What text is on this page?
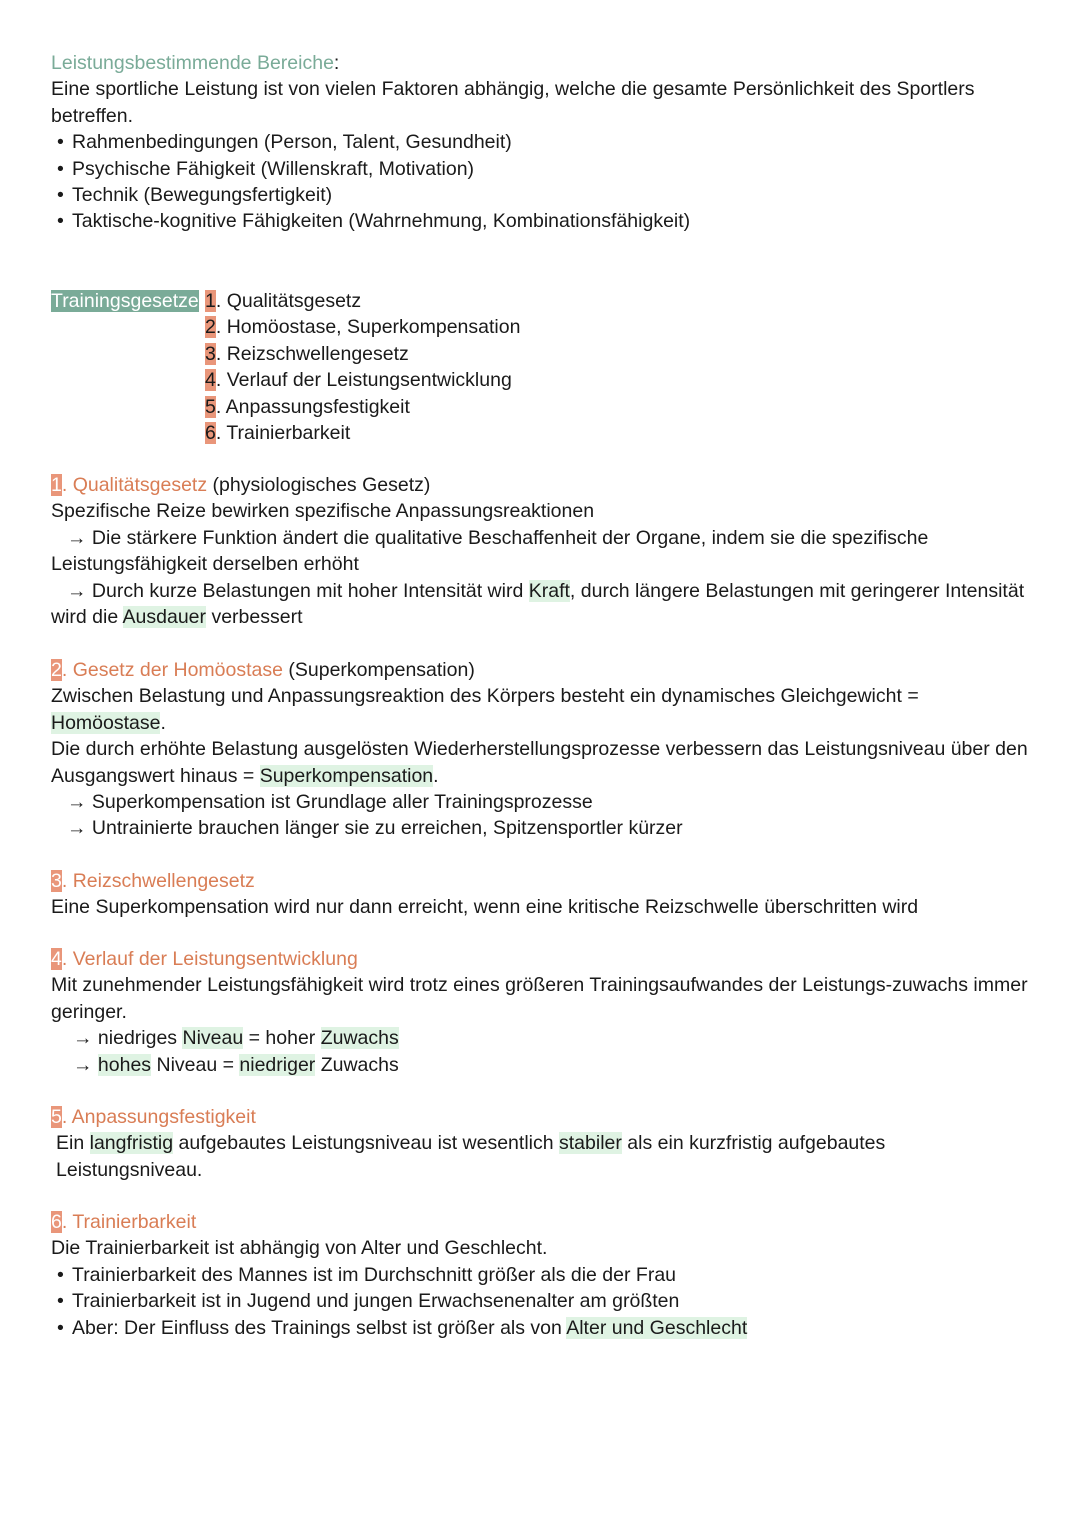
Leistungsbestimmende Bereiche:
Eine sportliche Leistung ist von vielen Faktoren abhängig, welche die gesamte Persönlichkeit des Sportlers betreffen.
• Rahmenbedingungen (Person, Talent, Gesundheit)
• Psychische Fähigkeit (Willenskraft, Motivation)
• Technik (Bewegungsfertigkeit)
• Taktische-kognitive Fähigkeiten (Wahrnehmung, Kombinationsfähigkeit)
Trainingsgesetze 1. Qualitätsgesetz
2. Homöostase, Superkompensation
3. Reizschwellengesetz
4. Verlauf der Leistungsentwicklung
5. Anpassungsfestigkeit
6. Trainierbarkeit
1. Qualitätsgesetz (physiologisches Gesetz)
Spezifische Reize bewirken spezifische Anpassungsreaktionen
→ Die stärkere Funktion ändert die qualitative Beschaffenheit der Organe, indem sie die spezifische Leistungsfähigkeit derselben erhöht
→ Durch kurze Belastungen mit hoher Intensität wird Kraft, durch längere Belastungen mit geringerer Intensität wird die Ausdauer verbessert
2. Gesetz der Homöostase (Superkompensation)
Zwischen Belastung und Anpassungsreaktion des Körpers besteht ein dynamisches Gleichgewicht = Homöostase.
Die durch erhöhte Belastung ausgelösten Wiederherstellungsprozesse verbessern das Leistungsniveau über den Ausgangswert hinaus = Superkompensation.
→ Superkompensation ist Grundlage aller Trainingsprozesse
→ Untrainierte brauchen länger sie zu erreichen, Spitzensportler kürzer
3. Reizschwellengesetz
Eine Superkompensation wird nur dann erreicht, wenn eine kritische Reizschwelle überschritten wird
4. Verlauf der Leistungsentwicklung
Mit zunehmender Leistungsfähigkeit wird trotz eines größeren Trainingsaufwandes der Leistungs-zuwachs immer geringer.
→ niedriges Niveau = hoher Zuwachs
→ hohes Niveau = niedriger Zuwachs
5. Anpassungsfestigkeit
Ein langfristig aufgebautes Leistungsniveau ist wesentlich stabiler als ein kurzfristig aufgebautes Leistungsniveau.
6. Trainierbarkeit
Die Trainierbarkeit ist abhängig von Alter und Geschlecht.
• Trainierbarkeit des Mannes ist im Durchschnitt größer als die der Frau
• Trainierbarkeit ist in Jugend und jungen Erwachsenenalter am größten
• Aber: Der Einfluss des Trainings selbst ist größer als von Alter und Geschlecht
